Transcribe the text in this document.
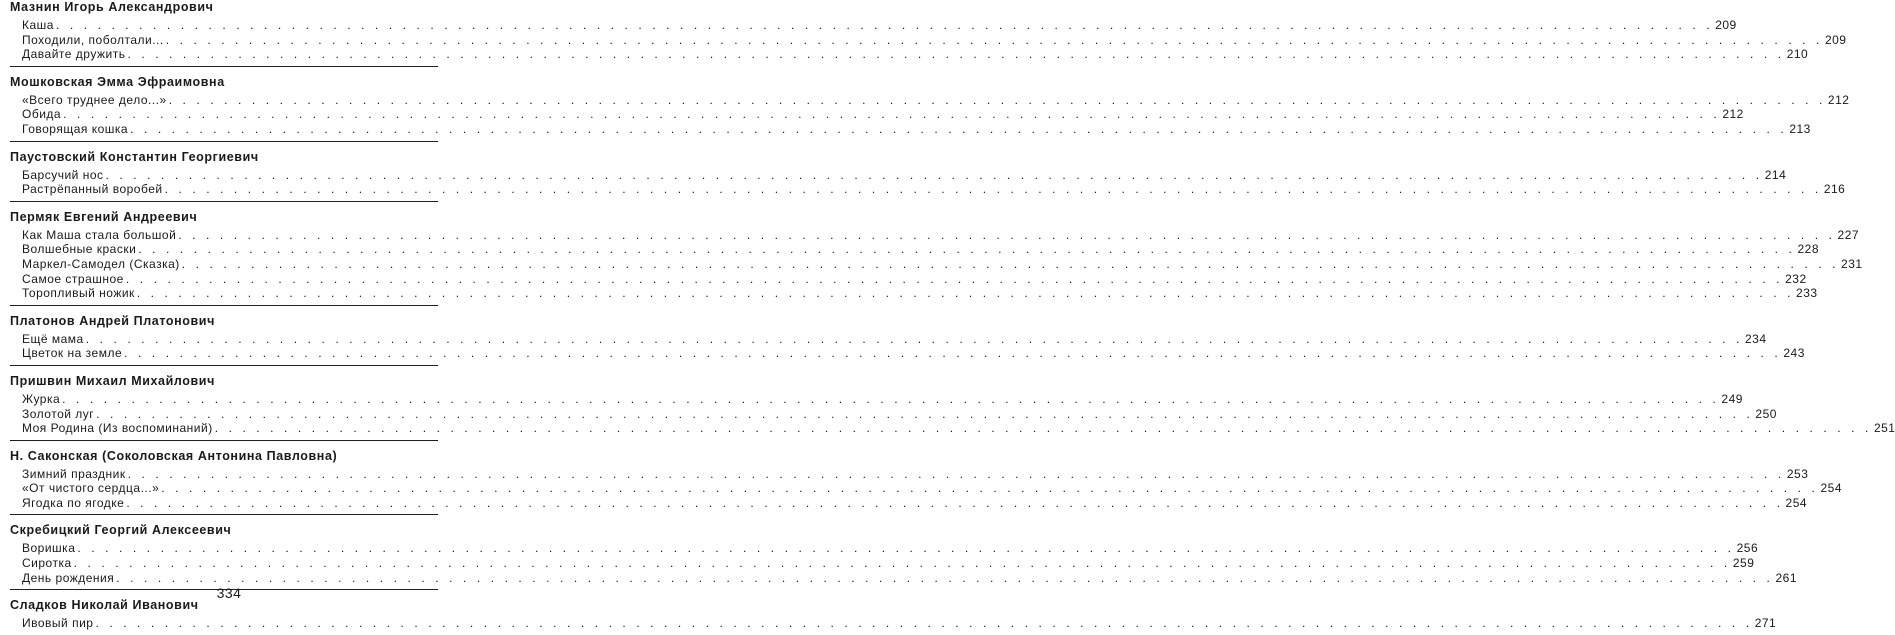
Мазнин Игорь Александрович
Каша . . . . . . . . . . . . . . . . . . . . . . . . . . . . . . . . . . . . . . . . . . . . . . . . . . . . . . . . . . . . . . . . . . . . . . . . . . . . . . . . . . . . . . . . . . . . . . . . . . . . . . . . . . . . . . . . . . . . . . . . 209
Походили, поболтали... . . . . . . . . . . . . . . . . . . . . . . . . . . . . . . . . . . . . . . . . . . . . . . . . . . . . . . . . . . . . . . . . . . . . . . . . . . . . . . . . . . . . . . . . . . . . . . . . . . . . . . . . . . . . . . . . . . . . . . . . 209
Давайте дружить . . . . . . . . . . . . . . . . . . . . . . . . . . . . . . . . . . . . . . . . . . . . . . . . . . . . . . . . . . . . . . . . . . . . . . . . . . . . . . . . . . . . . . . . . . . . . . . . . . . . . . . . . . . . . . . . . . . . . . . . 210
Мошковская Эмма Эфраимовна
«Всего труднее дело...» . . . . . . . . . . . . . . . . . . . . . . . . . . . . . . . . . . . . . . . . . . . . . . . . . . . . . . . . . . . . . . . . . . . . . . . . . . . . . . . . . . . . . . . . . . . . . . . . . . . . . . . . . . . . . . . . . . . . . . . . 212
Обида . . . . . . . . . . . . . . . . . . . . . . . . . . . . . . . . . . . . . . . . . . . . . . . . . . . . . . . . . . . . . . . . . . . . . . . . . . . . . . . . . . . . . . . . . . . . . . . . . . . . . . . . . . . . . . . . . . . . . . . . 212
Говорящая кошка . . . . . . . . . . . . . . . . . . . . . . . . . . . . . . . . . . . . . . . . . . . . . . . . . . . . . . . . . . . . . . . . . . . . . . . . . . . . . . . . . . . . . . . . . . . . . . . . . . . . . . . . . . . . . . . . . . . . . . . . 213
Паустовский Константин Георгиевич
Барсучий нос . . . . . . . . . . . . . . . . . . . . . . . . . . . . . . . . . . . . . . . . . . . . . . . . . . . . . . . . . . . . . . . . . . . . . . . . . . . . . . . . . . . . . . . . . . . . . . . . . . . . . . . . . . . . . . . . . . . . . . . . 214
Растрёпанный воробей . . . . . . . . . . . . . . . . . . . . . . . . . . . . . . . . . . . . . . . . . . . . . . . . . . . . . . . . . . . . . . . . . . . . . . . . . . . . . . . . . . . . . . . . . . . . . . . . . . . . . . . . . . . . . . . . . . . . . . . . 216
Пермяк Евгений Андреевич
Как Маша стала большой . . . . . . . . . . . . . . . . . . . . . . . . . . . . . . . . . . . . . . . . . . . . . . . . . . . . . . . . . . . . . . . . . . . . . . . . . . . . . . . . . . . . . . . . . . . . . . . . . . . . . . . . . . . . . . . . . . . . . . . . 227
Волшебные краски . . . . . . . . . . . . . . . . . . . . . . . . . . . . . . . . . . . . . . . . . . . . . . . . . . . . . . . . . . . . . . . . . . . . . . . . . . . . . . . . . . . . . . . . . . . . . . . . . . . . . . . . . . . . . . . . . . . . . . . . 228
Маркел-Самодел (Сказка) . . . . . . . . . . . . . . . . . . . . . . . . . . . . . . . . . . . . . . . . . . . . . . . . . . . . . . . . . . . . . . . . . . . . . . . . . . . . . . . . . . . . . . . . . . . . . . . . . . . . . . . . . . . . . . . . . . . . . . . . 231
Самое страшное . . . . . . . . . . . . . . . . . . . . . . . . . . . . . . . . . . . . . . . . . . . . . . . . . . . . . . . . . . . . . . . . . . . . . . . . . . . . . . . . . . . . . . . . . . . . . . . . . . . . . . . . . . . . . . . . . . . . . . . . 232
Торопливый ножик . . . . . . . . . . . . . . . . . . . . . . . . . . . . . . . . . . . . . . . . . . . . . . . . . . . . . . . . . . . . . . . . . . . . . . . . . . . . . . . . . . . . . . . . . . . . . . . . . . . . . . . . . . . . . . . . . . . . . . . . 233
Платонов Андрей Платонович
Ещё мама . . . . . . . . . . . . . . . . . . . . . . . . . . . . . . . . . . . . . . . . . . . . . . . . . . . . . . . . . . . . . . . . . . . . . . . . . . . . . . . . . . . . . . . . . . . . . . . . . . . . . . . . . . . . . . . . . . . . . . . . 234
Цветок на земле . . . . . . . . . . . . . . . . . . . . . . . . . . . . . . . . . . . . . . . . . . . . . . . . . . . . . . . . . . . . . . . . . . . . . . . . . . . . . . . . . . . . . . . . . . . . . . . . . . . . . . . . . . . . . . . . . . . . . . . . 243
Пришвин Михаил Михайлович
Журка . . . . . . . . . . . . . . . . . . . . . . . . . . . . . . . . . . . . . . . . . . . . . . . . . . . . . . . . . . . . . . . . . . . . . . . . . . . . . . . . . . . . . . . . . . . . . . . . . . . . . . . . . . . . . . . . . . . . . . . . 249
Золотой луг . . . . . . . . . . . . . . . . . . . . . . . . . . . . . . . . . . . . . . . . . . . . . . . . . . . . . . . . . . . . . . . . . . . . . . . . . . . . . . . . . . . . . . . . . . . . . . . . . . . . . . . . . . . . . . . . . . . . . . . . 250
Моя Родина (Из воспоминаний) . . . . . . . . . . . . . . . . . . . . . . . . . . . . . . . . . . . . . . . . . . . . . . . . . . . . . . . . . . . . . . . . . . . . . . . . . . . . . . . . . . . . . . . . . . . . . . . . . . . . . . . . . . . . . . . . . . . . . . . . 251
Н. Саконская (Соколовская Антонина Павловна)
Зимний праздник . . . . . . . . . . . . . . . . . . . . . . . . . . . . . . . . . . . . . . . . . . . . . . . . . . . . . . . . . . . . . . . . . . . . . . . . . . . . . . . . . . . . . . . . . . . . . . . . . . . . . . . . . . . . . . . . . . . . . . . . 253
«От чистого сердца...» . . . . . . . . . . . . . . . . . . . . . . . . . . . . . . . . . . . . . . . . . . . . . . . . . . . . . . . . . . . . . . . . . . . . . . . . . . . . . . . . . . . . . . . . . . . . . . . . . . . . . . . . . . . . . . . . . . . . . . . . 254
Ягодка по ягодке . . . . . . . . . . . . . . . . . . . . . . . . . . . . . . . . . . . . . . . . . . . . . . . . . . . . . . . . . . . . . . . . . . . . . . . . . . . . . . . . . . . . . . . . . . . . . . . . . . . . . . . . . . . . . . . . . . . . . . . . 254
Скребицкий Георгий Алексеевич
Воришка . . . . . . . . . . . . . . . . . . . . . . . . . . . . . . . . . . . . . . . . . . . . . . . . . . . . . . . . . . . . . . . . . . . . . . . . . . . . . . . . . . . . . . . . . . . . . . . . . . . . . . . . . . . . . . . . . . . . . . . . 256
Сиротка . . . . . . . . . . . . . . . . . . . . . . . . . . . . . . . . . . . . . . . . . . . . . . . . . . . . . . . . . . . . . . . . . . . . . . . . . . . . . . . . . . . . . . . . . . . . . . . . . . . . . . . . . . . . . . . . . . . . . . . . 259
День рождения . . . . . . . . . . . . . . . . . . . . . . . . . . . . . . . . . . . . . . . . . . . . . . . . . . . . . . . . . . . . . . . . . . . . . . . . . . . . . . . . . . . . . . . . . . . . . . . . . . . . . . . . . . . . . . . . . . . . . . . . 261
Сладков Николай Иванович
Ивовый пир . . . . . . . . . . . . . . . . . . . . . . . . . . . . . . . . . . . . . . . . . . . . . . . . . . . . . . . . . . . . . . . . . . . . . . . . . . . . . . . . . . . . . . . . . . . . . . . . . . . . . . . . . . . . . . . . . . . . . . . . 271
334
